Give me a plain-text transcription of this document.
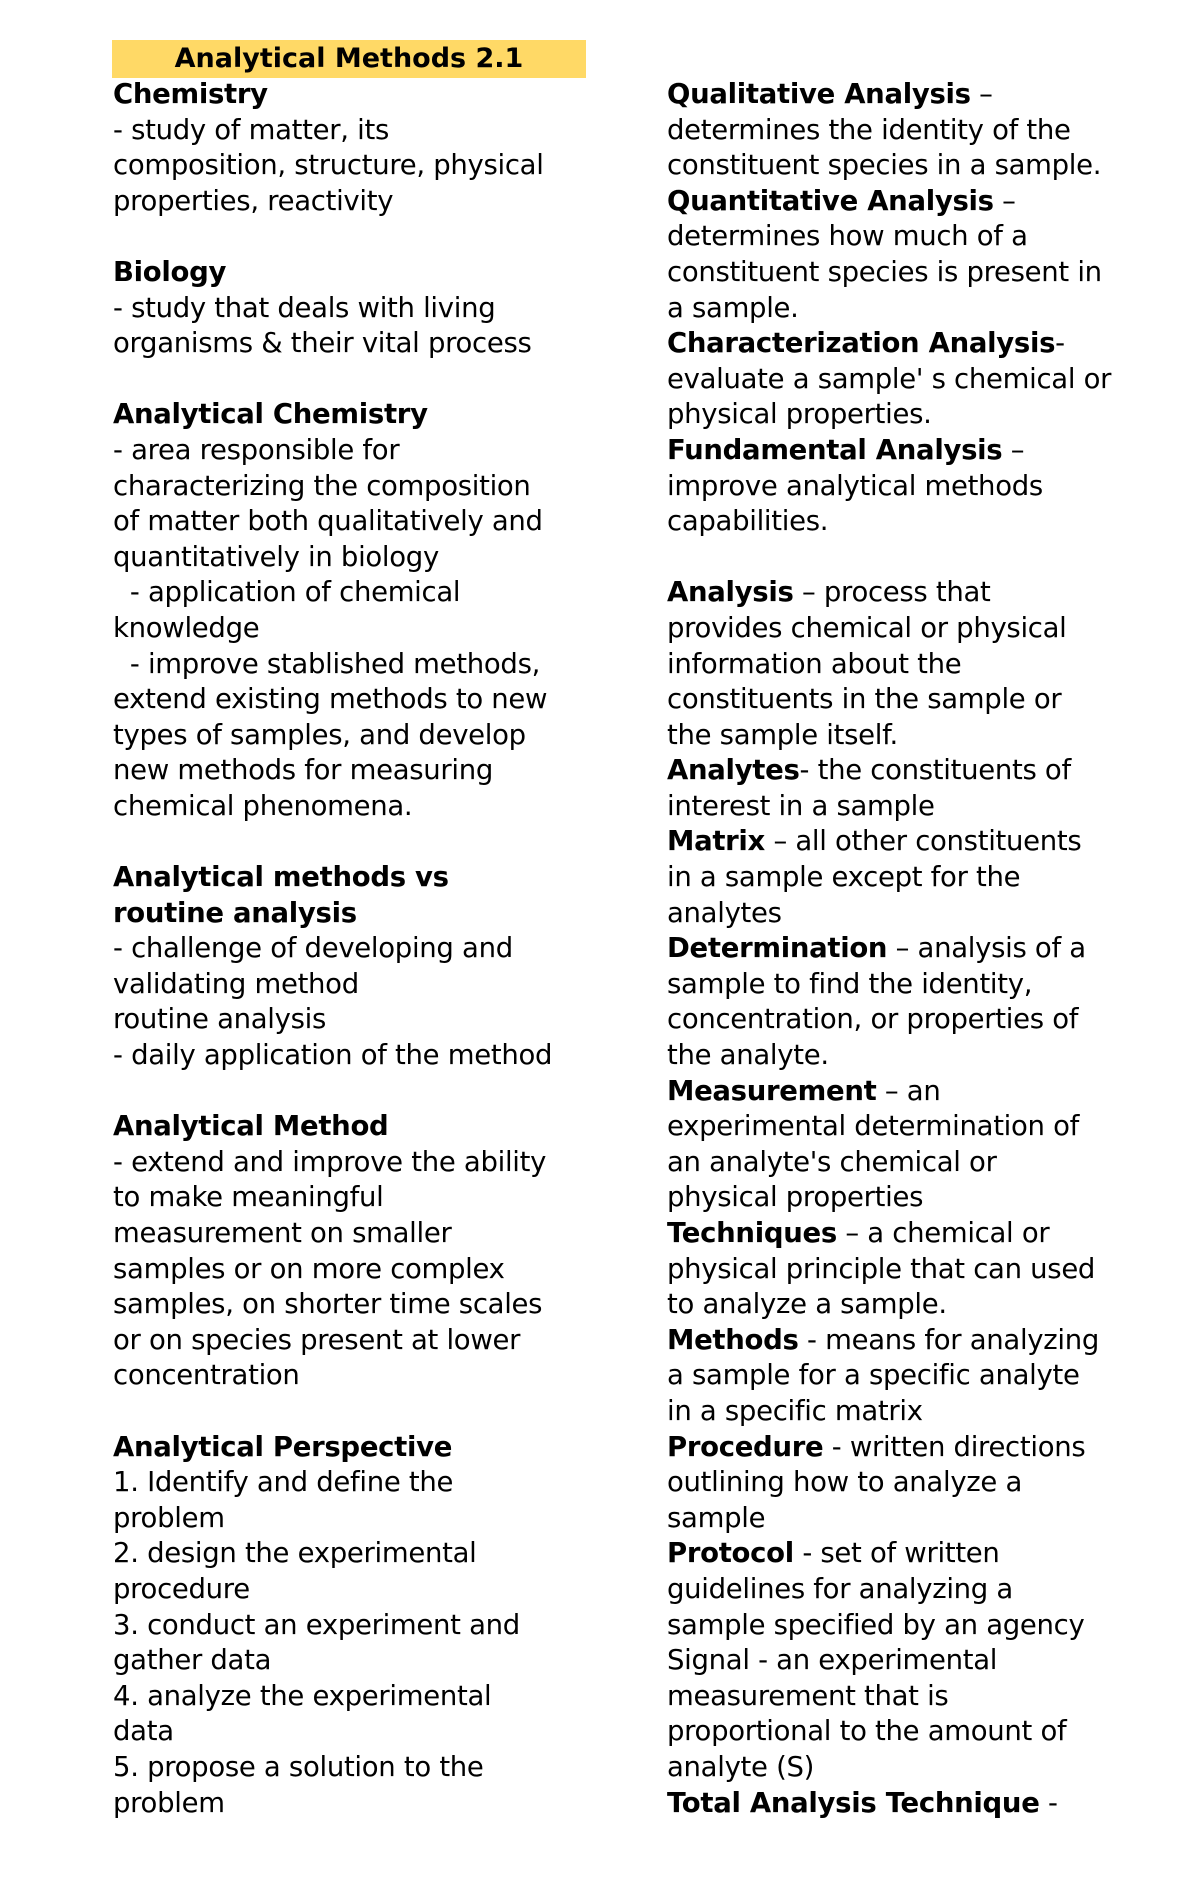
Analytical Methods 2.1
Chemistry
- study of matter, its
composition, structure, physical
properties, reactivity
Biology
- study that deals with living
organisms & their vital process
Analytical Chemistry
- area responsible for
characterizing the composition
of matter both qualitatively and
quantitatively in biology
- application of chemical
knowledge
- improve stablished methods,
extend existing methods to new
types of samples, and develop
new methods for measuring
chemical phenomena.
Analytical methods vs
routine analysis
- challenge of developing and
validating method
routine analysis
- daily application of the method
Analytical Method
- extend and improve the ability
to make meaningful
measurement on smaller
samples or on more complex
samples, on shorter time scales
or on species present at lower
concentration
Analytical Perspective
1. Identify and define the
problem
2. design the experimental
procedure
3. conduct an experiment and
gather data
4. analyze the experimental
data
5. propose a solution to the
problem
Qualitative Analysis –
determines the identity of the
constituent species in a sample.
Quantitative Analysis –
determines how much of a
constituent species is present in
a sample.
Characterization Analysis-
evaluate a sample' s chemical or
physical properties.
Fundamental Analysis –
improve analytical methods
capabilities.
Analysis – process that
provides chemical or physical
information about the
constituents in the sample or
the sample itself.
Analytes- the constituents of
interest in a sample
Matrix – all other constituents
in a sample except for the
analytes
Determination – analysis of a
sample to find the identity,
concentration, or properties of
the analyte.
Measurement – an
experimental determination of
an analyte's chemical or
physical properties
Techniques – a chemical or
physical principle that can used
to analyze a sample.
Methods - means for analyzing
a sample for a specific analyte
in a specific matrix
Procedure - written directions
outlining how to analyze a
sample
Protocol - set of written
guidelines for analyzing a
sample specified by an agency
Signal - an experimental
measurement that is
proportional to the amount of
analyte (S)
Total Analysis Technique -
